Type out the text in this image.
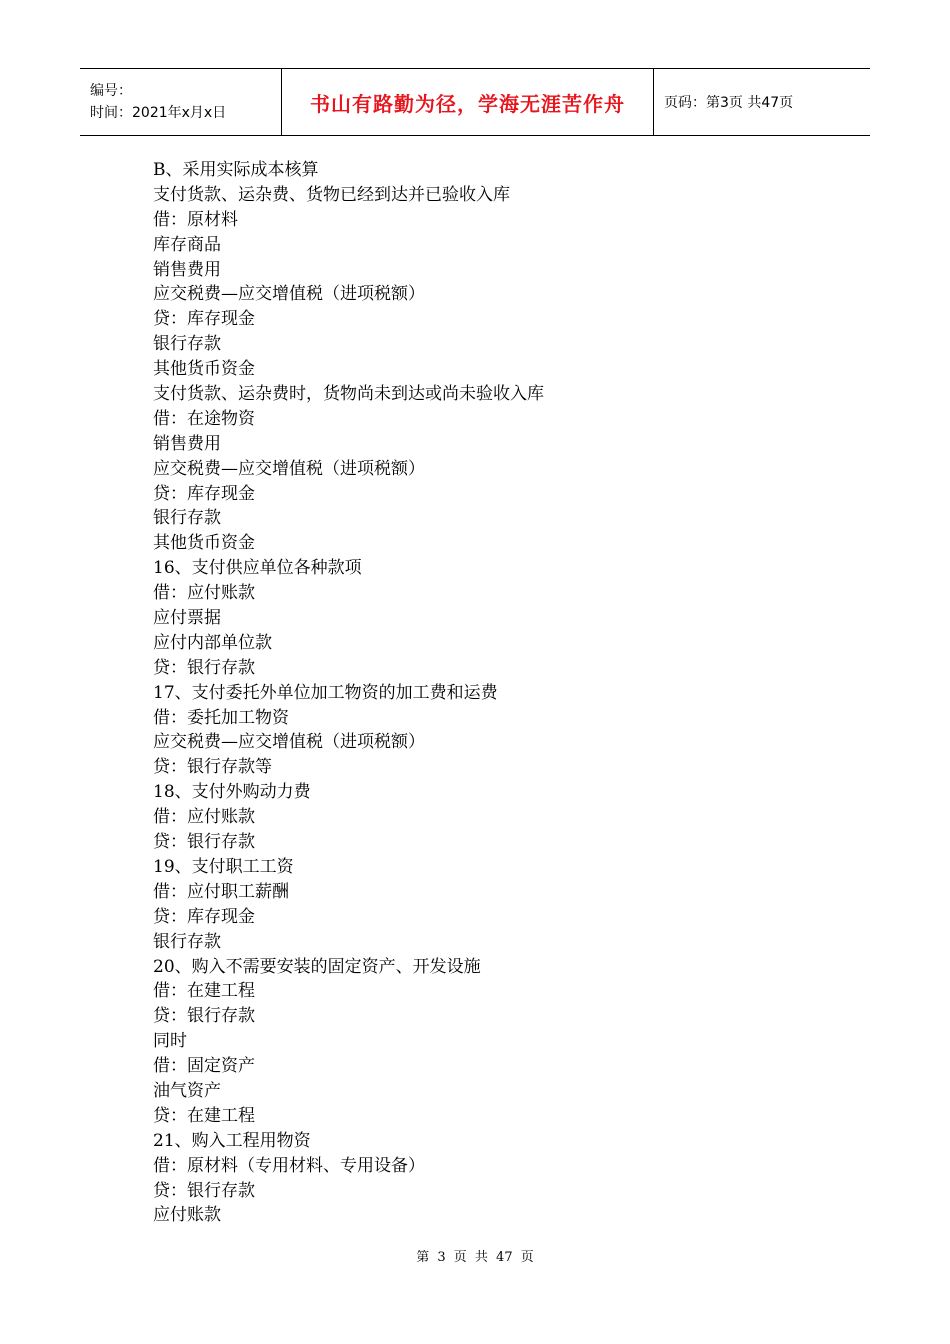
编号：
时间：2021年x月x日	书山有路勤为径，学海无涯苦作舟	页码：第3页 共47页
B、采用实际成本核算
支付货款、运杂费、货物已经到达并已验收入库
借：原材料
库存商品
销售费用
应交税费—应交增值税（进项税额）
贷：库存现金
银行存款
其他货币资金
支付货款、运杂费时，货物尚未到达或尚未验收入库
借：在途物资
销售费用
应交税费—应交增值税（进项税额）
贷：库存现金
银行存款
其他货币资金
16、支付供应单位各种款项
借：应付账款
应付票据
应付内部单位款
贷：银行存款
17、支付委托外单位加工物资的加工费和运费
借：委托加工物资
应交税费—应交增值税（进项税额）
贷：银行存款等
18、支付外购动力费
借：应付账款
贷：银行存款
19、支付职工工资
借：应付职工薪酬
贷：库存现金
银行存款
20、购入不需要安装的固定资产、开发设施
借：在建工程
贷：银行存款
同时
借：固定资产
油气资产
贷：在建工程
21、购入工程用物资
借：原材料（专用材料、专用设备）
贷：银行存款
应付账款
第 3 页 共 47 页
